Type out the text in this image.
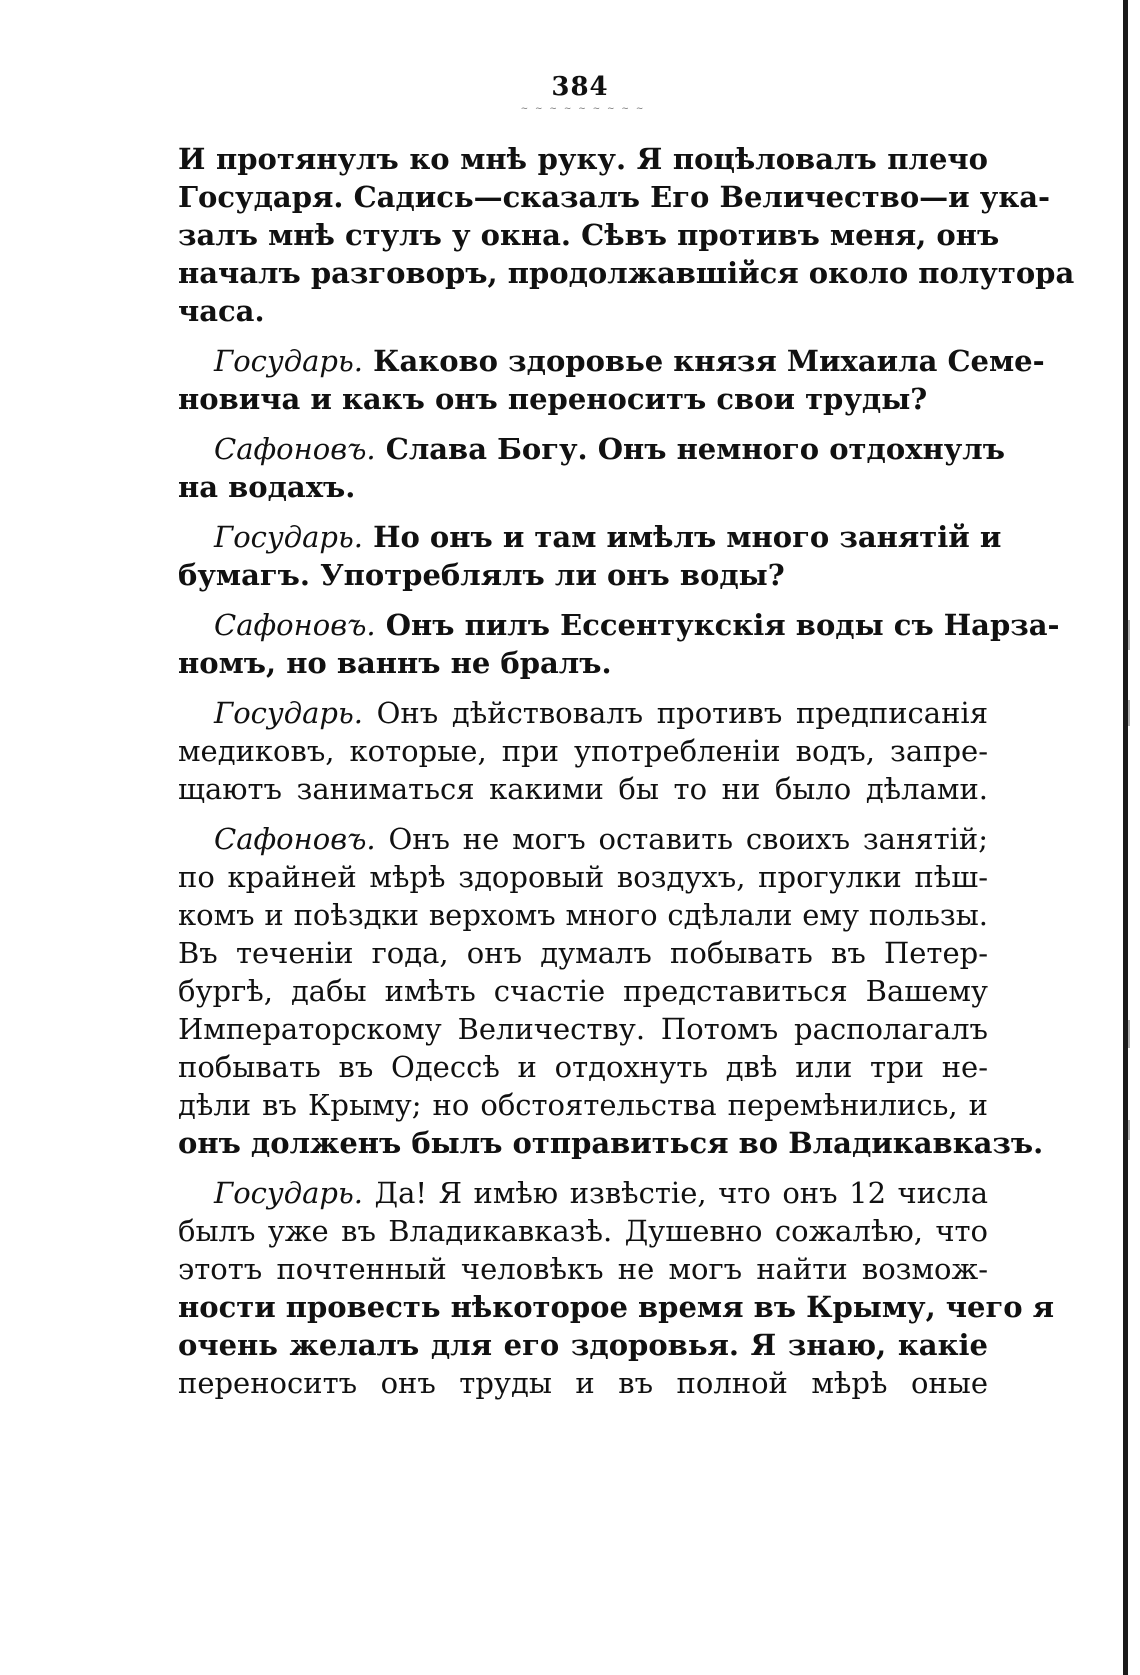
384
~ ~ ~ ~ ~ ~ ~ ~ ~
И протянулъ ко мнѣ руку. Я поцѣловалъ плечо
Государя. Садись—сказалъ Его Величество—и ука-
залъ мнѣ стулъ у окна. Сѣвъ противъ меня, онъ
началъ разговоръ, продолжавшійся около полутора
часа.
Государь. Каково здоровье князя Михаила Семе-
новича и какъ онъ переноситъ свои труды?
Сафоновъ. Слава Богу. Онъ немного отдохнулъ
на водахъ.
Государь. Но онъ и там имѣлъ много занятій и
бумагъ. Употреблялъ ли онъ воды?
Сафоновъ. Онъ пилъ Ессентукскія воды съ Нарза-
номъ, но ваннъ не бралъ.
Государь. Онъ дѣйствовалъ противъ предписанія
медиковъ, которые, при употребленіи водъ, запре-
щаютъ заниматься какими бы то ни было дѣлами.
Сафоновъ. Онъ не могъ оставить своихъ занятій;
по крайней мѣрѣ здоровый воздухъ, прогулки пѣш-
комъ и поѣздки верхомъ много сдѣлали ему пользы.
Въ теченіи года, онъ думалъ побывать въ Петер-
бургѣ, дабы имѣть счастіе представиться Вашему
Императорскому Величеству. Потомъ располагалъ
побывать въ Одессѣ и отдохнуть двѣ или три не-
дѣли въ Крыму; но обстоятельства перемѣнились, и
онъ долженъ былъ отправиться во Владикавказъ.
Государь. Да! Я имѣю извѣстіе, что онъ 12 числа
былъ уже въ Владикавказѣ. Душевно сожалѣю, что
этотъ почтенный человѣкъ не могъ найти возмож-
ности провесть нѣкоторое время въ Крыму, чего я
очень желалъ для его здоровья. Я знаю, какіе
переноситъ онъ труды и въ полной мѣрѣ оные
